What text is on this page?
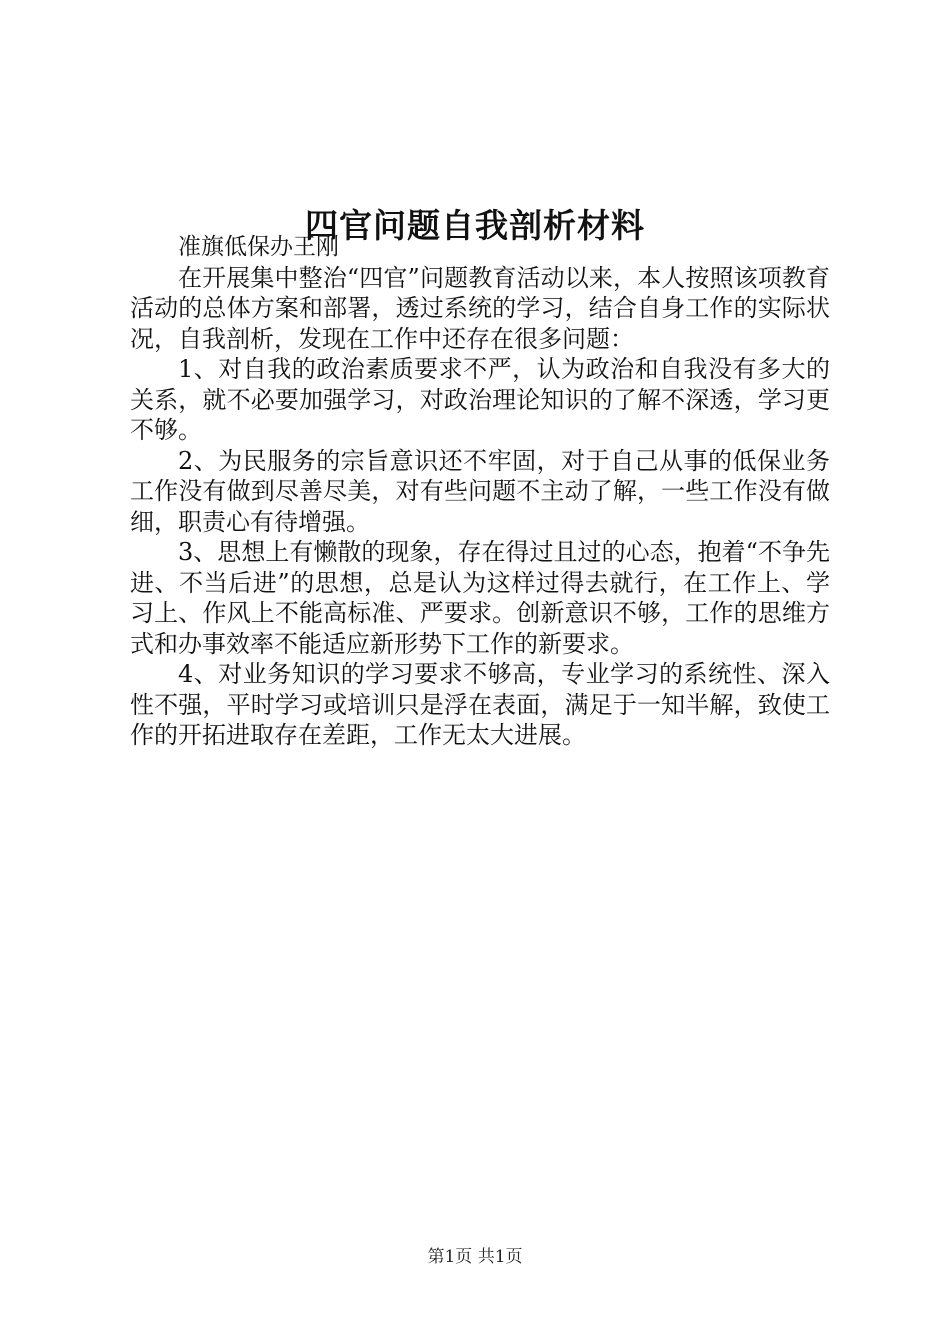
四官问题自我剖析材料

准旗低保办王刚

在开展集中整治“四官”问题教育活动以来，本人按照该项教育活动的总体方案和部署，透过系统的学习，结合自身工作的实际状况，自我剖析，发现在工作中还存在很多问题：

1、对自我的政治素质要求不严，认为政治和自我没有多大的关系，就不必要加强学习，对政治理论知识的了解不深透，学习更不够。

2、为民服务的宗旨意识还不牢固，对于自己从事的低保业务工作没有做到尽善尽美，对有些问题不主动了解，一些工作没有做细，职责心有待增强。

3、思想上有懒散的现象，存在得过且过的心态，抱着“不争先进、不当后进”的思想，总是认为这样过得去就行，在工作上、学习上、作风上不能高标准、严要求。创新意识不够，工作的思维方式和办事效率不能适应新形势下工作的新要求。

4、对业务知识的学习要求不够高，专业学习的系统性、深入性不强，平时学习或培训只是浮在表面，满足于一知半解，致使工作的开拓进取存在差距，工作无太大进展。

第1页 共1页
